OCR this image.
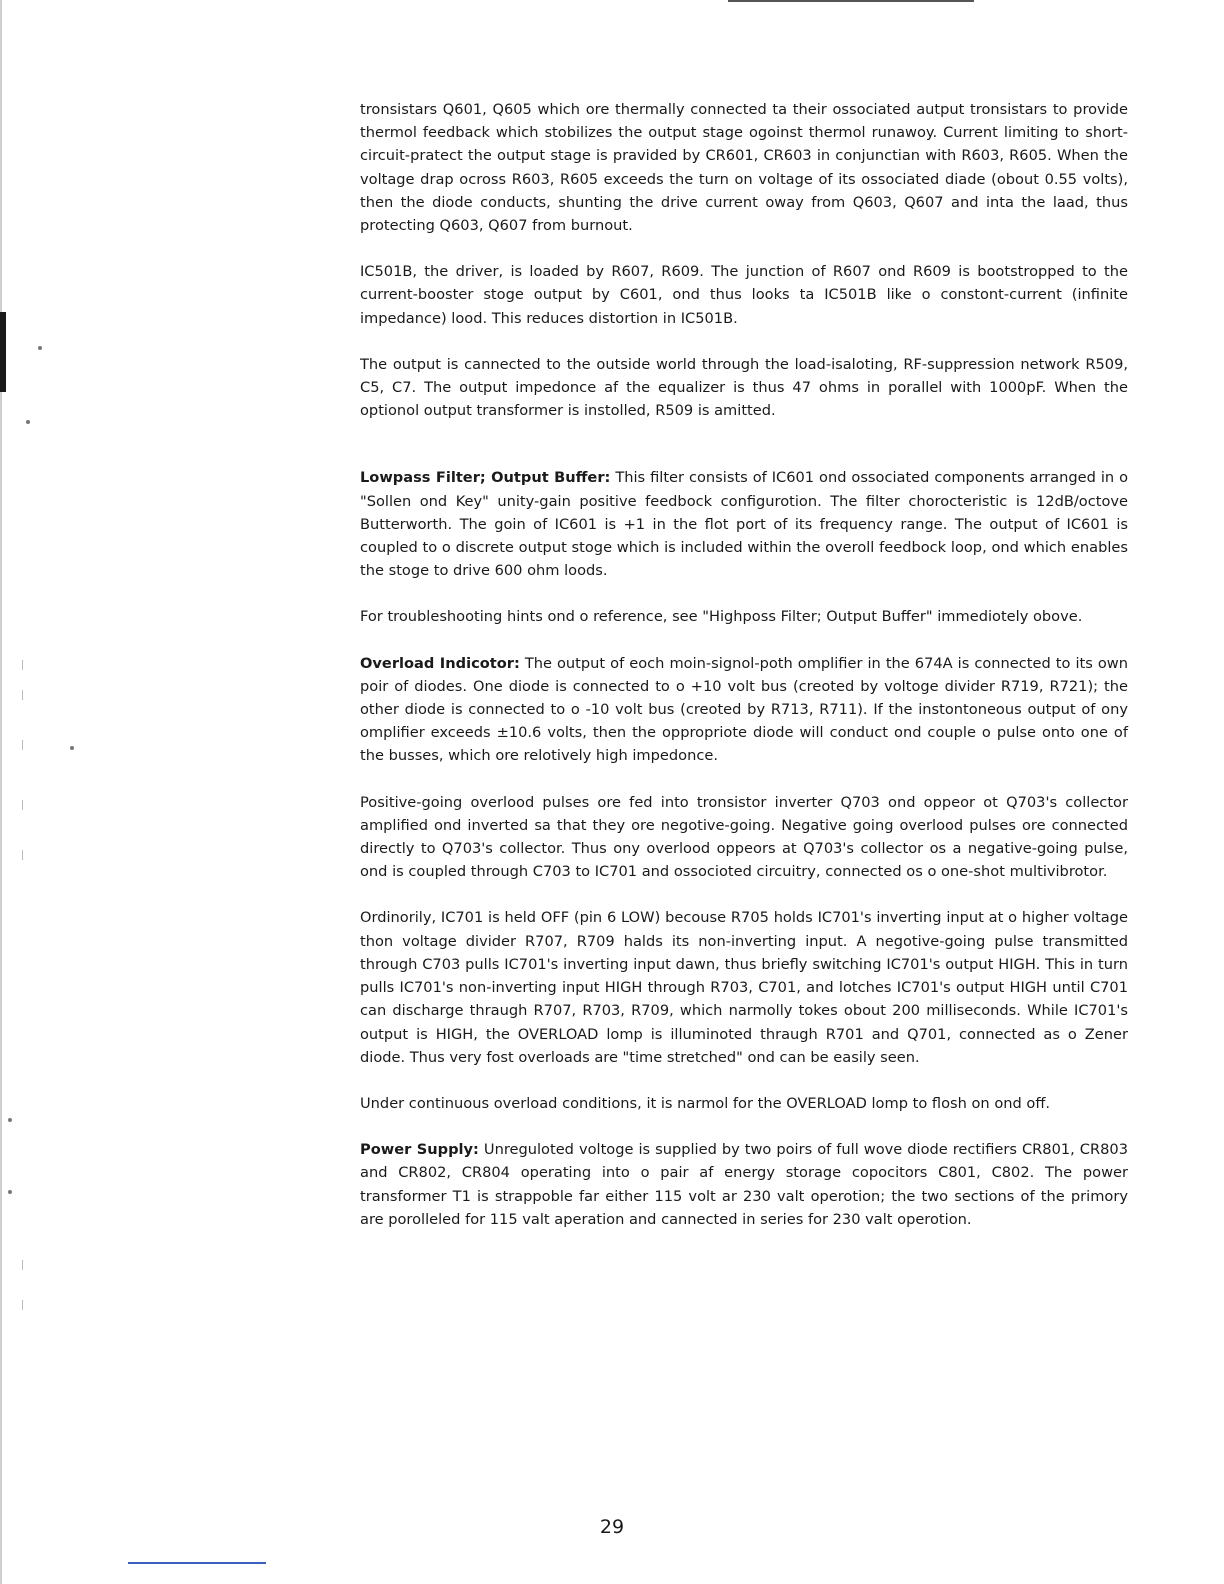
tronsistars Q601, Q605 which ore thermally connected ta their ossociated autput tronsistars to provide thermol feedback which stobilizes the output stage ogoinst thermol runawoy. Current limiting to short-circuit-pratect the output stage is pravided by CR601, CR603 in conjunctian with R603, R605. When the voltage drap ocross R603, R605 exceeds the turn on voltage of its ossociated diade (obout 0.55 volts), then the diode conducts, shunting the drive current oway from Q603, Q607 and inta the laad, thus protecting Q603, Q607 from burnout.

IC501B, the driver, is loaded by R607, R609. The junction of R607 ond R609 is bootstropped to the current-booster stoge output by C601, ond thus looks ta IC501B like o constont-current (infinite impedance) lood. This reduces distortion in IC501B.

The output is cannected to the outside world through the load-isaloting, RF-suppression network R509, C5, C7. The output impedonce af the equalizer is thus 47 ohms in porallel with 1000pF. When the optionol output transformer is instolled, R509 is amitted.

Lowpass Filter; Output Buffer: This filter consists of IC601 ond ossociated components arranged in o "Sollen ond Key" unity-gain positive feedbock configurotion. The filter chorocteristic is 12dB/octove Butterworth. The goin of IC601 is +1 in the flot port of its frequency range. The output of IC601 is coupled to o discrete output stoge which is included within the overoll feedbock loop, ond which enables the stoge to drive 600 ohm loods.

For troubleshooting hints ond o reference, see "Highposs Filter; Output Buffer" immediotely obove.

Overload Indicotor: The output of eoch moin-signol-poth omplifier in the 674A is connected to its own poir of diodes. One diode is connected to o +10 volt bus (creoted by voltoge divider R719, R721); the other diode is connected to o -10 volt bus (creoted by R713, R711). If the instontoneous output of ony omplifier exceeds ±10.6 volts, then the oppropriote diode will conduct ond couple o pulse onto one of the busses, which ore relotively high impedonce.

Positive-going overlood pulses ore fed into tronsistor inverter Q703 ond oppeor ot Q703's collector amplified ond inverted sa that they ore negotive-going. Negative going overlood pulses ore connected directly to Q703's collector. Thus ony overlood oppeors at Q703's collector os a negative-going pulse, ond is coupled through C703 to IC701 and ossocioted circuitry, connected os o one-shot multivibrotor.

Ordinorily, IC701 is held OFF (pin 6 LOW) becouse R705 holds IC701's inverting input at o higher voltage thon voltage divider R707, R709 halds its non-inverting input. A negotive-going pulse transmitted through C703 pulls IC701's inverting input dawn, thus briefly switching IC701's output HIGH. This in turn pulls IC701's non-inverting input HIGH through R703, C701, and lotches IC701's output HIGH until C701 can discharge thraugh R707, R703, R709, which narmolly tokes obout 200 milliseconds. While IC701's output is HIGH, the OVERLOAD lomp is illuminoted thraugh R701 and Q701, connected as o Zener diode. Thus very fost overloads are "time stretched" ond can be easily seen.

Under continuous overload conditions, it is narmol for the OVERLOAD lomp to flosh on ond off.

Power Supply: Unreguloted voltoge is supplied by two poirs of full wove diode rectifiers CR801, CR803 and CR802, CR804 operating into o pair af energy storage copocitors C801, C802. The power transformer T1 is strappoble far either 115 volt ar 230 valt operotion; the two sections of the primory are porolleled for 115 valt aperation and cannected in series for 230 valt operotion.

29
